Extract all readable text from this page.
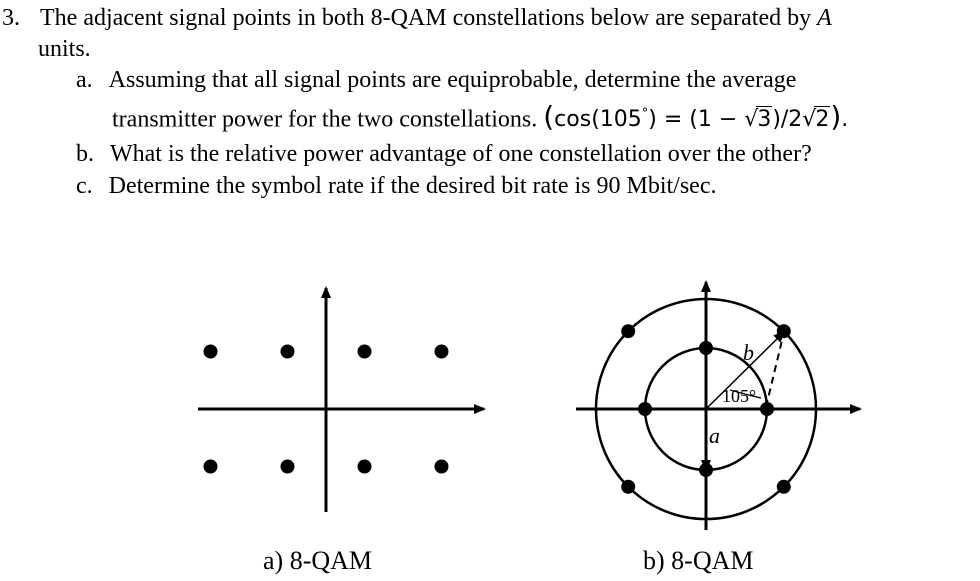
3. The adjacent signal points in both 8-QAM constellations below are separated by A
units.
a. Assuming that all signal points are equiprobable, determine the average
transmitter power for the two constellations. (cos(105°) = (1 − √3)/2√2).
b. What is the relative power advantage of one constellation over the other?
c. Determine the symbol rate if the desired bit rate is 90 Mbit/sec.
105°
a
b
a) 8-QAM	b) 8-QAM
